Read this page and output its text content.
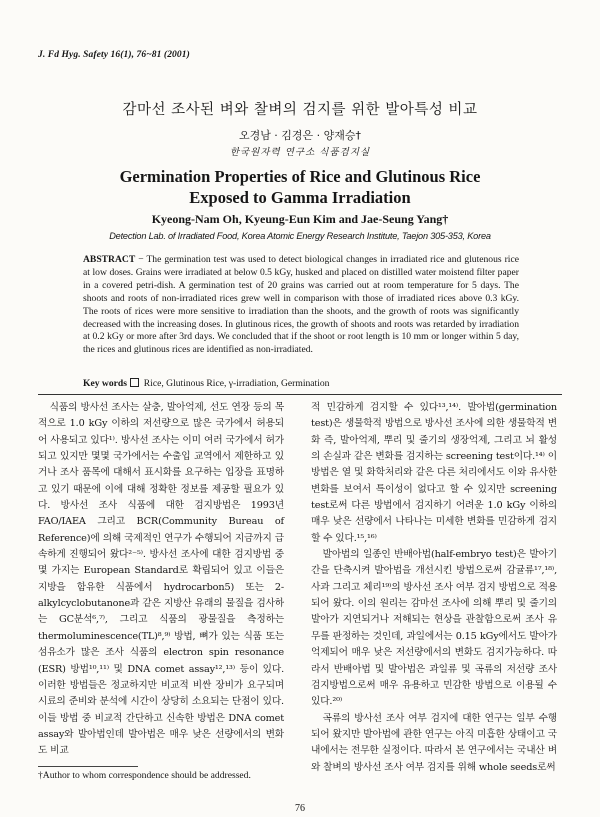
J. Fd Hyg. Safety 16(1), 76~81 (2001)
감마선 조사된 벼와 찰벼의 검지를 위한 발아특성 비교
오경남 · 김경은 · 양재승†
한국원자력 연구소 식품검지실
Germination Properties of Rice and Glutinous Rice
Exposed to Gamma Irradiation
Kyeong-Nam Oh, Kyeung-Eun Kim and Jae-Seung Yang†
Detection Lab. of Irradiated Food, Korea Atomic Energy Research Institute, Taejon 305-353, Korea
ABSTRACT − The germination test was used to detect biological changes in irradiated rice and glutenous rice at low doses. Grains were irradiated at below 0.5 kGy, husked and placed on distilled water moistend filter paper in a covered petri-dish. A germination test of 20 grains was carried out at room temperature for 5 days. The shoots and roots of non-irradiated rices grew well in comparison with those of irradiated rices above 0.3 kGy. The roots of rices were more sensitive to irradiation than the shoots, and the growth of roots was significantly decreased with the increasing doses. In glutinous rices, the growth of shoots and roots was retarded by irradiation at 0.2 kGy or more after 3rd days. We concluded that if the shoot or root length is 10 mm or longer within 5 day, the rices and glutinous rices are identified as non-irradiated.
Key words Rice, Glutinous Rice, γ-irradiation, Germination

식품의 방사선 조사는 살충, 발아억제, 선도 연장 등의 목적으로 1.0 kGy 이하의 저선량으로 많은 국가에서 허용되어 사용되고 있다¹⁾. 방사선 조사는 이미 여러 국가에서 허가되고 있지만 몇몇 국가에서는 수출입 교역에서 제한하고 있거나 조사 품목에 대해서 표시화를 요구하는 입장을 표명하고 있기 때문에 이에 대해 정확한 정보를 제공할 필요가 있다. 방사선 조사 식품에 대한 검지방법은 1993년 FAO/IAEA 그리고 BCR(Community Bureau of Reference)에 의해 국제적인 연구가 수행되어 지금까지 급속하게 진행되어 왔다²⁻⁵⁾. 방사선 조사에 대한 검지방법 중 몇 가지는 European Standard로 확립되어 있고 이들은 지방을 함유한 식품에서 hydrocarbon5) 또는 2-alkylcyclobutanone과 같은 지방산 유래의 물질을 검사하는 GC분석⁶,⁷⁾, 그리고 식품의 광물질을 측정하는 thermoluminescence(TL)⁸,⁹⁾ 방법, 뼈가 있는 식품 또는 섬유소가 많은 조사 식품의 electron spin resonance (ESR) 방법¹⁰,¹¹⁾ 및 DNA comet assay¹²,¹³⁾ 등이 있다. 이러한 방법들은 정교하지만 비교적 비싼 장비가 요구되며 시료의 준비와 분석에 시간이 상당히 소요되는 단점이 있다. 이들 방법 중 비교적 간단하고 신속한 방법은 DNA comet assay와 발아법인데 발아법은 매우 낮은 선량에서의 변화도 비교

적 민감하게 검지할 수 있다¹³,¹⁴⁾. 발아법(germination test)은 생물학적 방법으로 방사선 조사에 의한 생물학적 변화 즉, 발아억제, 뿌리 및 줄기의 생장억제, 그리고 뇌 활성의 손실과 같은 변화를 검지하는 screening test이다.¹⁴⁾ 이 방법은 열 및 화학처리와 같은 다른 처리에서도 이와 유사한 변화를 보여서 특이성이 없다고 할 수 있지만 screening test로써 다른 방법에서 검지하기 어려운 1.0 kGy 이하의 매우 낮은 선량에서 나타나는 미세한 변화를 민감하게 검지할 수 있다.¹⁵,¹⁶⁾

발아법의 일종인 반배아법(half-embryo test)은 발아기간을 단축시켜 발아법을 개선시킨 방법으로써 감귤류¹⁷,¹⁸⁾, 사과 그리고 체리¹⁹⁾의 방사선 조사 여부 검지 방법으로 적용되어 왔다. 이의 원리는 감마선 조사에 의해 뿌리 및 줄기의 발아가 지연되거나 저해되는 현상을 관찰함으로써 조사 유무를 판정하는 것인데, 과일에서는 0.15 kGy에서도 발아가 억제되어 매우 낮은 저선량에서의 변화도 검지가능하다. 따라서 반배아법 및 발아법은 과일류 및 곡류의 저선량 조사 검지방법으로써 매우 유용하고 민감한 방법으로 이용될 수 있다.²⁰⁾

곡류의 방사선 조사 여부 검지에 대한 연구는 일부 수행되어 왔지만 발아법에 관한 연구는 아직 미흡한 상태이고 국내에서는 전무한 실정이다. 따라서 본 연구에서는 국내산 벼와 찰벼의 방사선 조사 여부 검지를 위해 whole seeds로써

†Author to whom correspondence should be addressed.
76
